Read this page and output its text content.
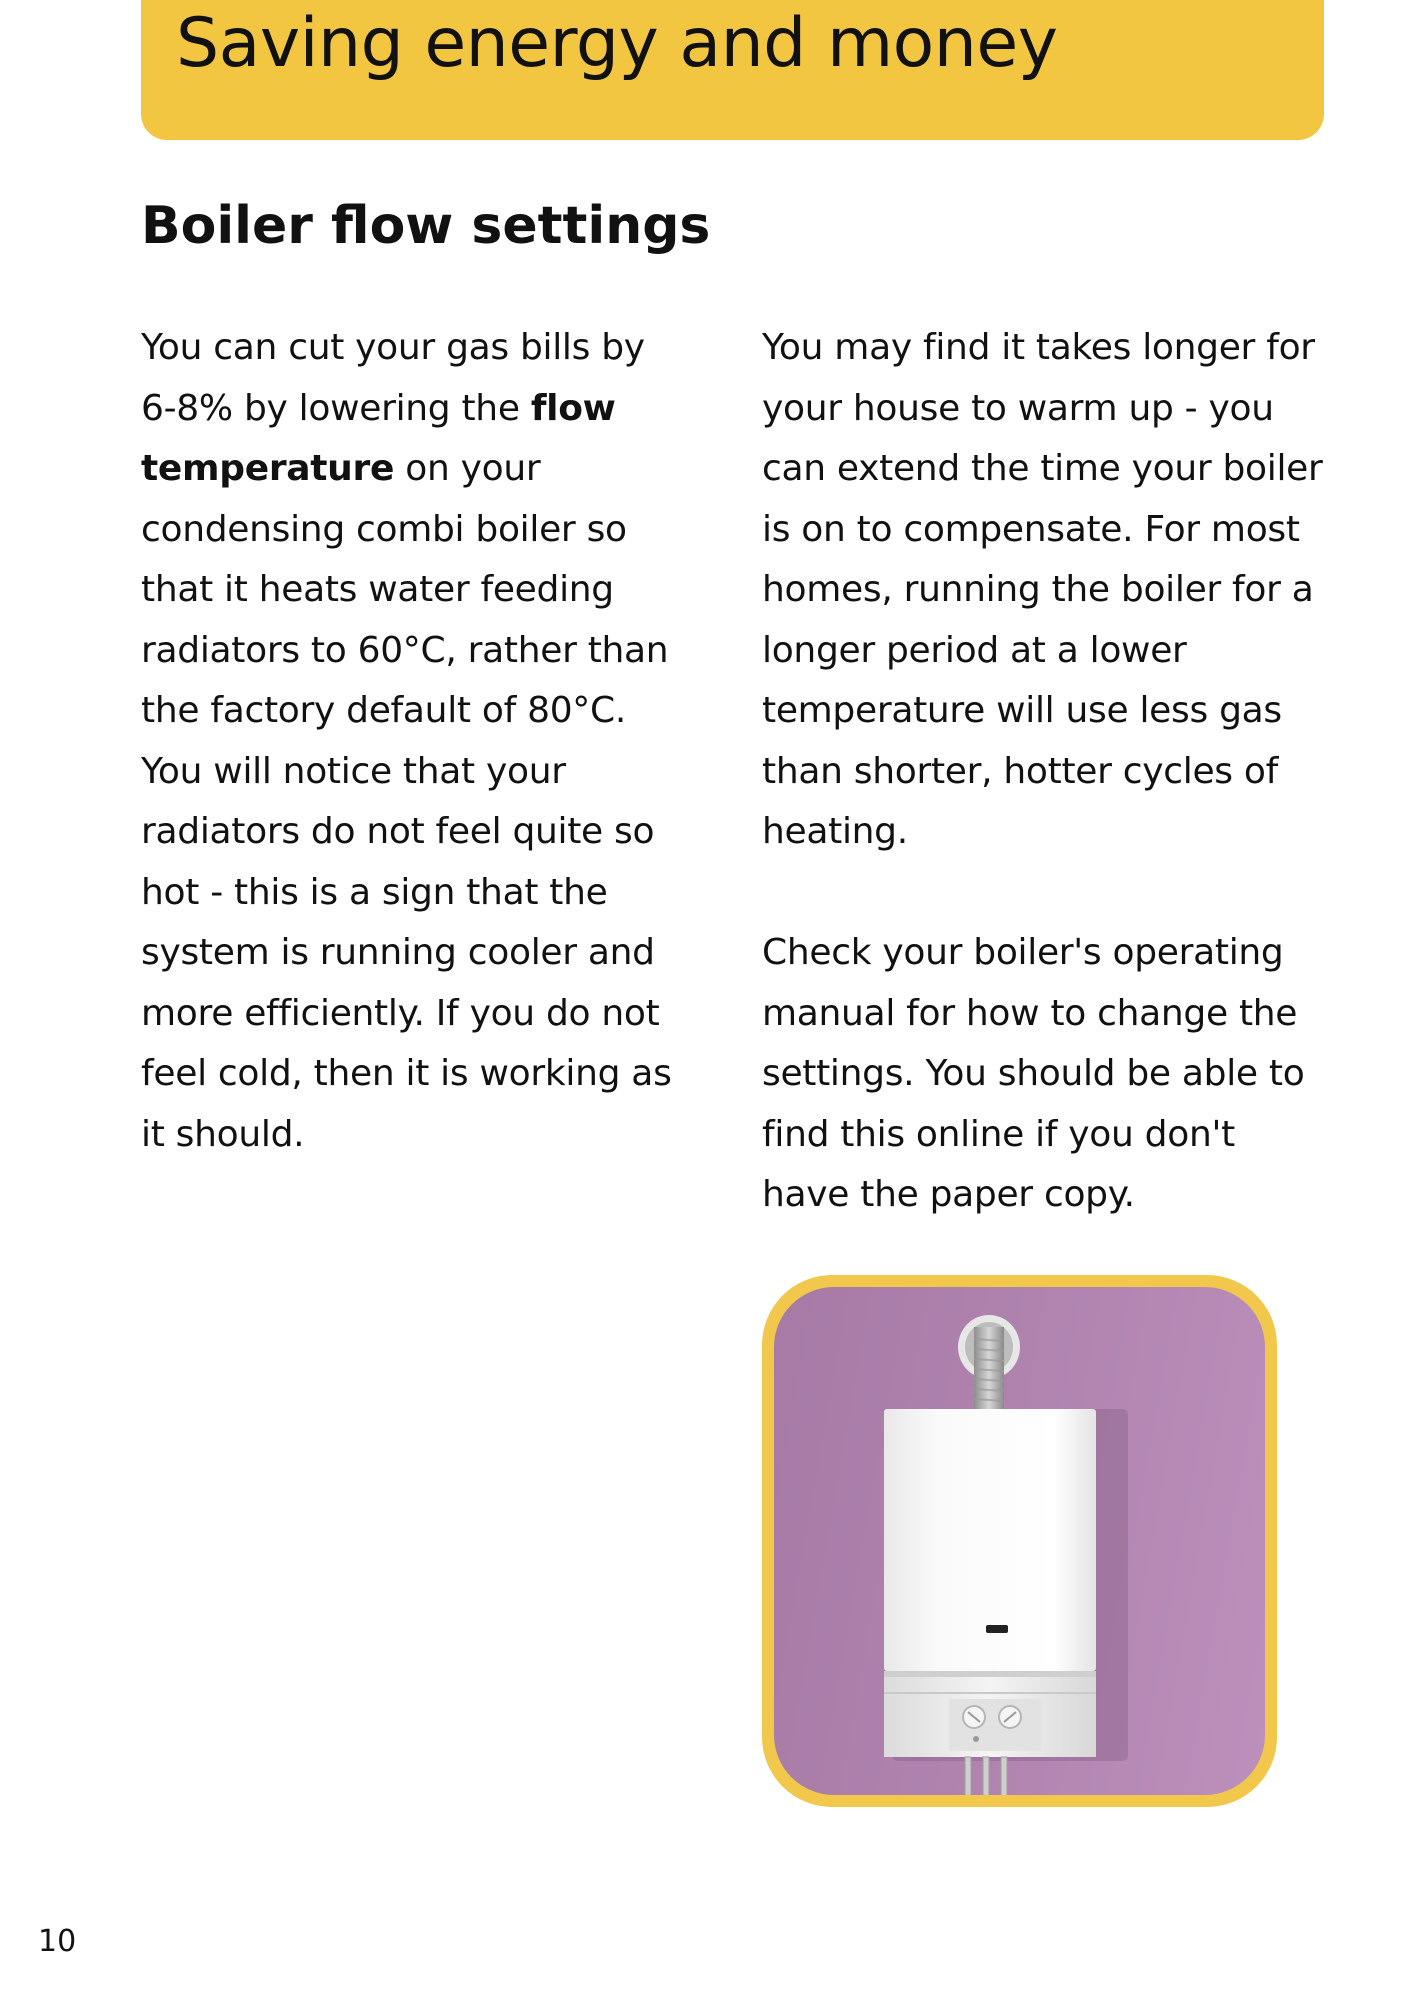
Saving energy and money
Boiler flow settings
You can cut your gas bills by
6-8% by lowering the flow
temperature on your
condensing combi boiler so
that it heats water feeding
radiators to 60°C, rather than
the factory default of 80°C.
You will notice that your
radiators do not feel quite so
hot - this is a sign that the
system is running cooler and
more efficiently. If you do not
feel cold, then it is working as
it should.
You may find it takes longer for
your house to warm up - you
can extend the time your boiler
is on to compensate. For most
homes, running the boiler for a
longer period at a lower
temperature will use less gas
than shorter, hotter cycles of
heating.
Check your boiler's operating
manual for how to change the
settings. You should be able to
find this online if you don't
have the paper copy.
10
